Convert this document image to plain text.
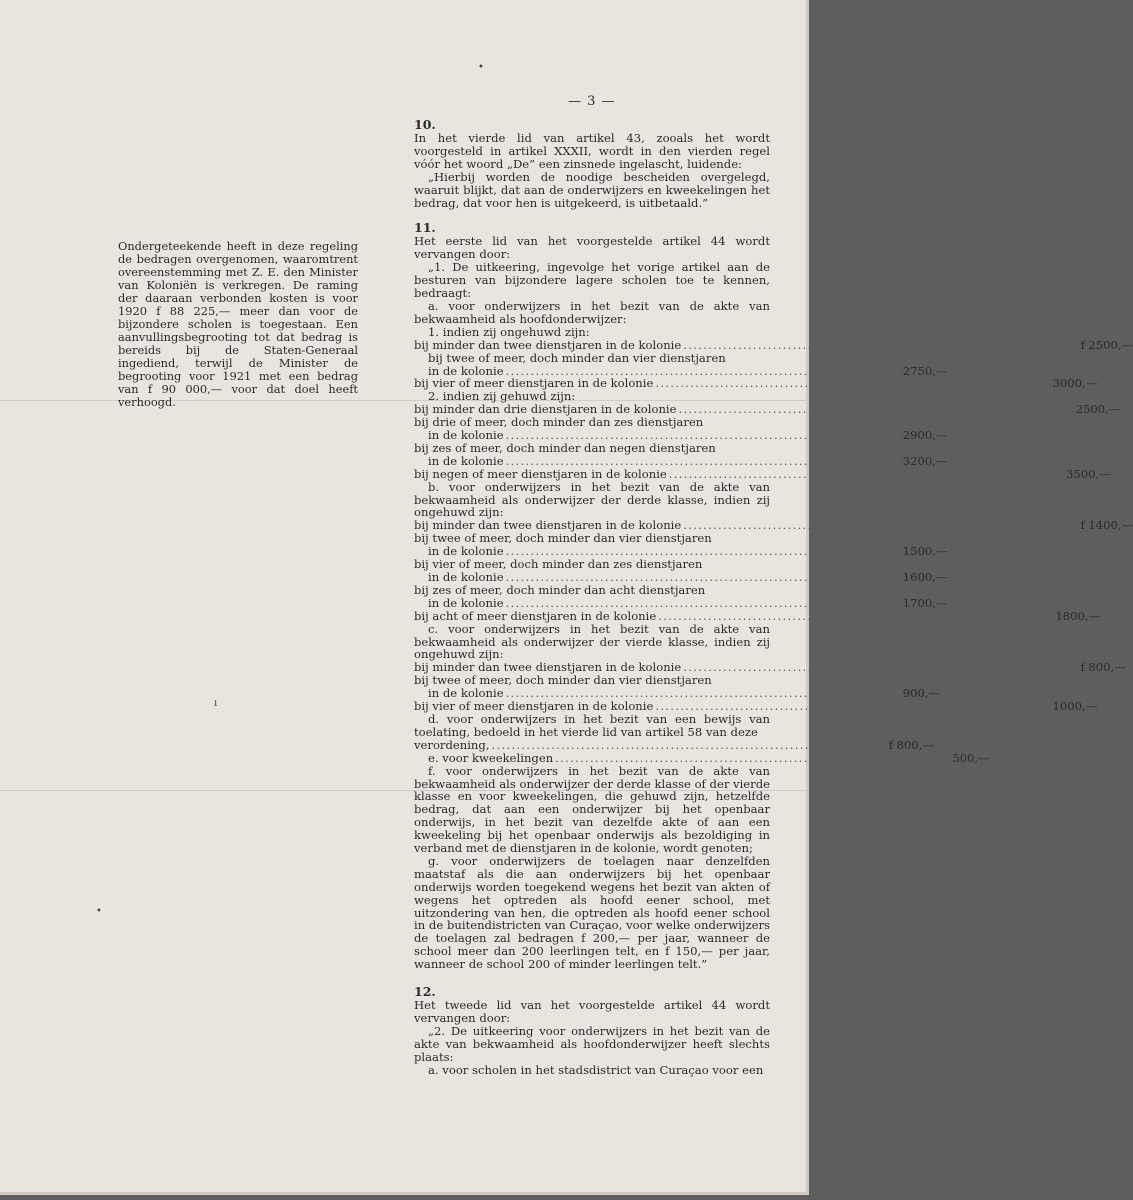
— 3 —
Ondergeteekende heeft in deze regeling de bedragen overgenomen, waaromtrent overeenstemming met Z. E. den Minister van Koloniën is verkregen. De raming der daaraan verbonden kosten is voor 1920 f 88 225,— meer dan voor de bijzondere scholen is toegestaan. Een aanvullingsbegrooting tot dat bedrag is bereids bij de Staten-Generaal ingediend, terwijl de Minister de begrooting voor 1921 met een bedrag van f 90 000,— voor dat doel heeft verhoogd.
•
ı
•
10.

In het vierde lid van artikel 43, zooals het wordt voorgesteld in artikel XXXII, wordt in den vierden regel vóór het woord „De” een zinsnede ingelascht, luidende:

„Hierbij worden de noodige bescheiden overgelegd, waaruit blijkt, dat aan de onderwijzers en kweekelingen het bedrag, dat voor hen is uitgekeerd, is uitbetaald.”

11.

Het eerste lid van het voorgestelde artikel 44 wordt vervangen door:

„1. De uitkeering, ingevolge het vorige artikel aan de besturen van bijzondere lagere scholen toe te kennen, bedraagt:

a. voor onderwijzers in het bezit van de akte van bekwaamheid als hoofdonderwijzer:

1. indien zij ongehuwd zijn:
bij minder dan twee dienstjaren in de kolonie . . .	f 2500,—
bij twee of meer, doch minder dan vier dienstjaren
in de kolonie . . .	2750,—
bij vier of meer dienstjaren in de kolonie . . .	3000,—
2. indien zij gehuwd zijn:
bij minder dan drie dienstjaren in de kolonie . . .	2500,—
bij drie of meer, doch minder dan zes dienstjaren
in de kolonie . . .	2900,—
bij zes of meer, doch minder dan negen dienstjaren
in de kolonie . . .	3200,—
bij negen of meer dienstjaren in de kolonie . . .	3500,—

b. voor onderwijzers in het bezit van de akte van bekwaamheid als onderwijzer der derde klasse, indien zij ongehuwd zijn:

bij minder dan twee dienstjaren in de kolonie . . .	f 1400,—
bij twee of meer, doch minder dan vier dienstjaren
in de kolonie . . .	1500,—
bij vier of meer, doch minder dan zes dienstjaren
in de kolonie . . .	1600,—
bij zes of meer, doch minder dan acht dienstjaren
in de kolonie . . .	1700,—
bij acht of meer dienstjaren in de kolonie . . .	1800,—

c. voor onderwijzers in het bezit van de akte van bekwaamheid als onderwijzer der vierde klasse, indien zij ongehuwd zijn:

bij minder dan twee dienstjaren in de kolonie . . .	f 800,—
bij twee of meer, doch minder dan vier dienstjaren
in de kolonie . . .	900,—
bij vier of meer dienstjaren in de kolonie . . .	1000,—

d. voor onderwijzers in het bezit van een bewijs van toelating, bedoeld in het vierde lid van artikel 58 van deze

verordening, . . .	f 800,—
e. voor kweekelingen . . .	500,—

f. voor onderwijzers in het bezit van de akte van bekwaamheid als onderwijzer der derde klasse of der vierde klasse en voor kweekelingen, die gehuwd zijn, hetzelfde bedrag, dat aan een onderwijzer bij het openbaar onderwijs, in het bezit van dezelfde akte of aan een kweekeling bij het openbaar onderwijs als bezoldiging in verband met de dienstjaren in de kolonie, wordt genoten;

g. voor onderwijzers de toelagen naar denzelfden maatstaf als die aan onderwijzers bij het openbaar onderwijs worden toegekend wegens het bezit van akten of wegens het optreden als hoofd eener school, met uitzondering van hen, die optreden als hoofd eener school in de buitendistricten van Curaçao, voor welke onderwijzers de toelagen zal bedragen f 200,— per jaar, wanneer de school meer dan 200 leerlingen telt, en f 150,— per jaar, wanneer de school 200 of minder leerlingen telt.”

12.

Het tweede lid van het voorgestelde artikel 44 wordt vervangen door:

„2. De uitkeering voor onderwijzers in het bezit van de akte van bekwaamheid als hoofdonderwijzer heeft slechts plaats:

a. voor scholen in het stadsdistrict van Curaçao voor een
